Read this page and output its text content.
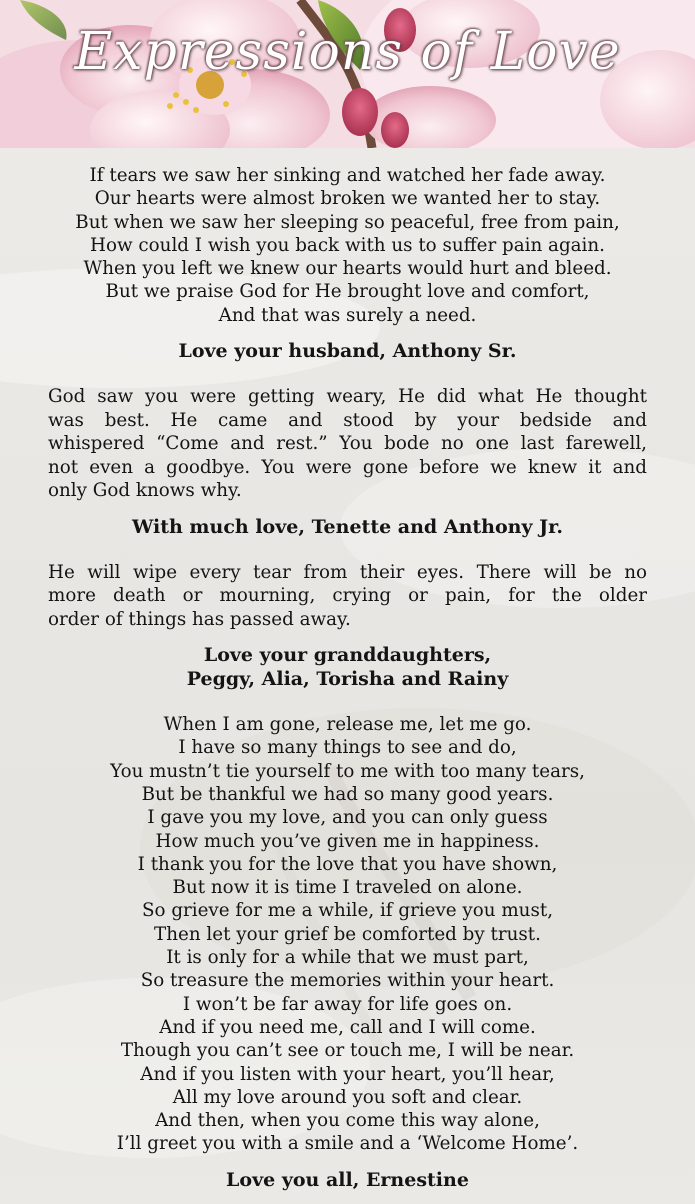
Expressions of Love
If tears we saw her sinking and watched her fade away.
Our hearts were almost broken we wanted her to stay.
But when we saw her sleeping so peaceful, free from pain,
How could I wish you back with us to suffer pain again.
When you left we knew our hearts would hurt and bleed.
But we praise God for He brought love and comfort,
And that was surely a need.
Love your husband, Anthony Sr.
God saw you were getting weary, He did what He thought
was best. He came and stood by your bedside and
whispered “Come and rest.” You bode no one last farewell,
not even a goodbye. You were gone before we knew it and
only God knows why.
With much love, Tenette and Anthony Jr.
He will wipe every tear from their eyes. There will be no
more death or mourning, crying or pain, for the older
order of things has passed away.
Love your granddaughters,
Peggy, Alia, Torisha and Rainy
When I am gone, release me, let me go.
I have so many things to see and do,
You mustn’t tie yourself to me with too many tears,
But be thankful we had so many good years.
I gave you my love, and you can only guess
How much you’ve given me in happiness.
I thank you for the love that you have shown,
But now it is time I traveled on alone.
So grieve for me a while, if grieve you must,
Then let your grief be comforted by trust.
It is only for a while that we must part,
So treasure the memories within your heart.
I won’t be far away for life goes on.
And if you need me, call and I will come.
Though you can’t see or touch me, I will be near.
And if you listen with your heart, you’ll hear,
All my love around you soft and clear.
And then, when you come this way alone,
I’ll greet you with a smile and a ‘Welcome Home’.
Love you all, Ernestine
